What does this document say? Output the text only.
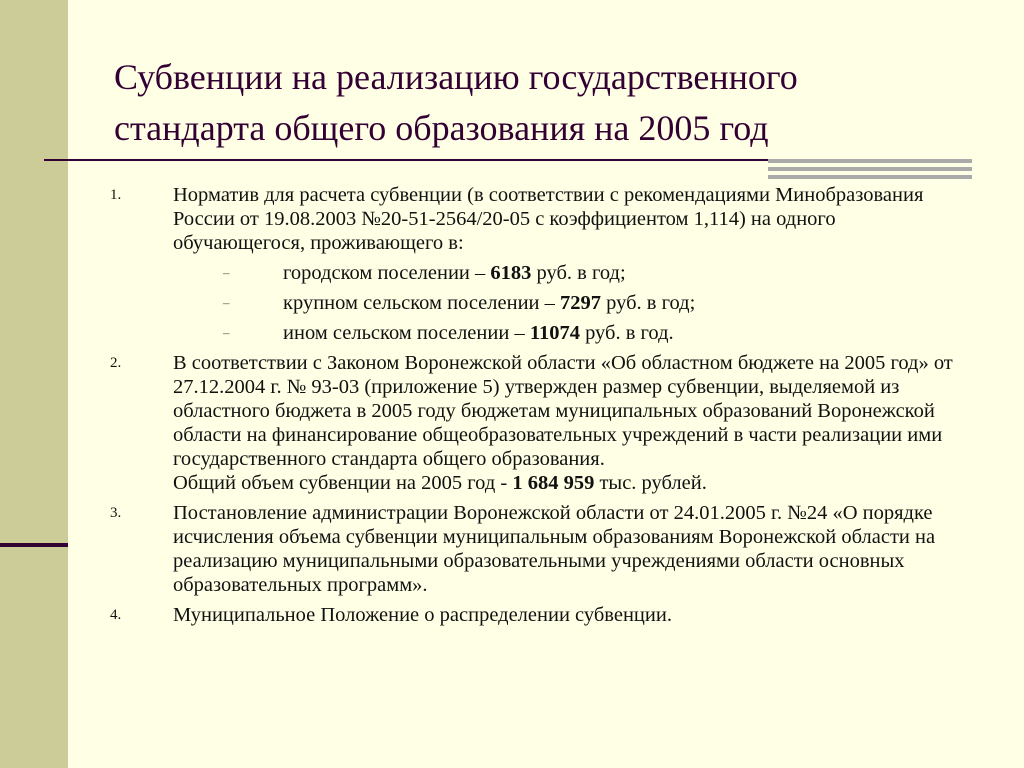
Субвенции на реализацию государственного
стандарта общего образования на 2005 год
1.	Норматив для расчета субвенции (в соответствии с рекомендациями Минобразования России от 19.08.2003 №20-51-2564/20-05 с коэффициентом 1,114) на одного обучающегося, проживающего в:

–	городском поселении – 6183 руб. в год;
–	крупном сельском поселении – 7297 руб. в год;
–	ином сельском поселении – 11074 руб. в год.
2.	В соответствии с Законом Воронежской области «Об областном бюджете на 2005 год» от 27.12.2004 г. № 93-03 (приложение 5) утвержден размер субвенции, выделяемой из областного бюджета в 2005 году бюджетам муниципальных образований Воронежской области на финансирование общеобразовательных учреждений в части реализации ими государственного стандарта общего образования.

Общий объем субвенции на 2005 год - 1 684 959 тыс. рублей.

3.	Постановление администрации Воронежской области от 24.01.2005 г. №24 «О порядке исчисления объема субвенции муниципальным образованиям Воронежской области на реализацию муниципальными образовательными учреждениями области основных образовательных программ».

4.	Муниципальное Положение о распределении субвенции.
